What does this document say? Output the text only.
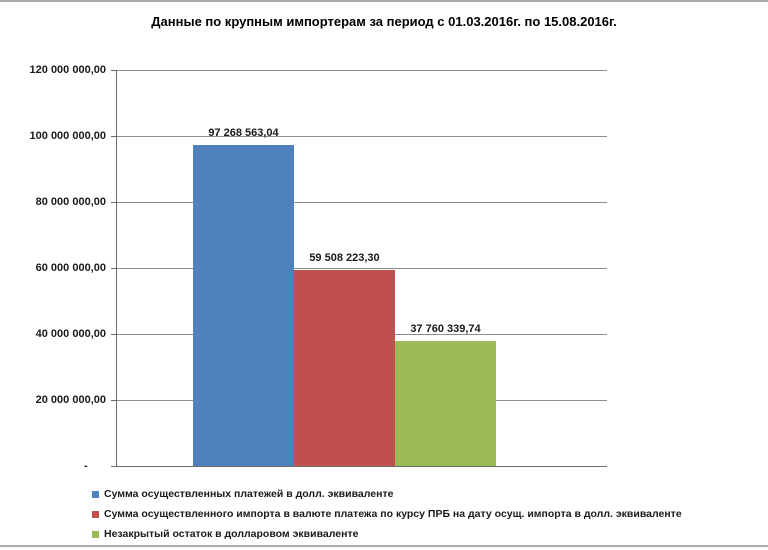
Данные по крупным импортерам за период с 01.03.2016г. по 15.08.2016г.
-
20 000 000,00
40 000 000,00
60 000 000,00
80 000 000,00
100 000 000,00
120 000 000,00
97 268 563,04
59 508 223,30
37 760 339,74
Сумма осуществленных платежей в долл. эквиваленте
Сумма осуществленного импорта в валюте платежа по курсу ПРБ на дату осущ. импорта в долл. эквиваленте
Незакрытый остаток в долларовом эквиваленте
